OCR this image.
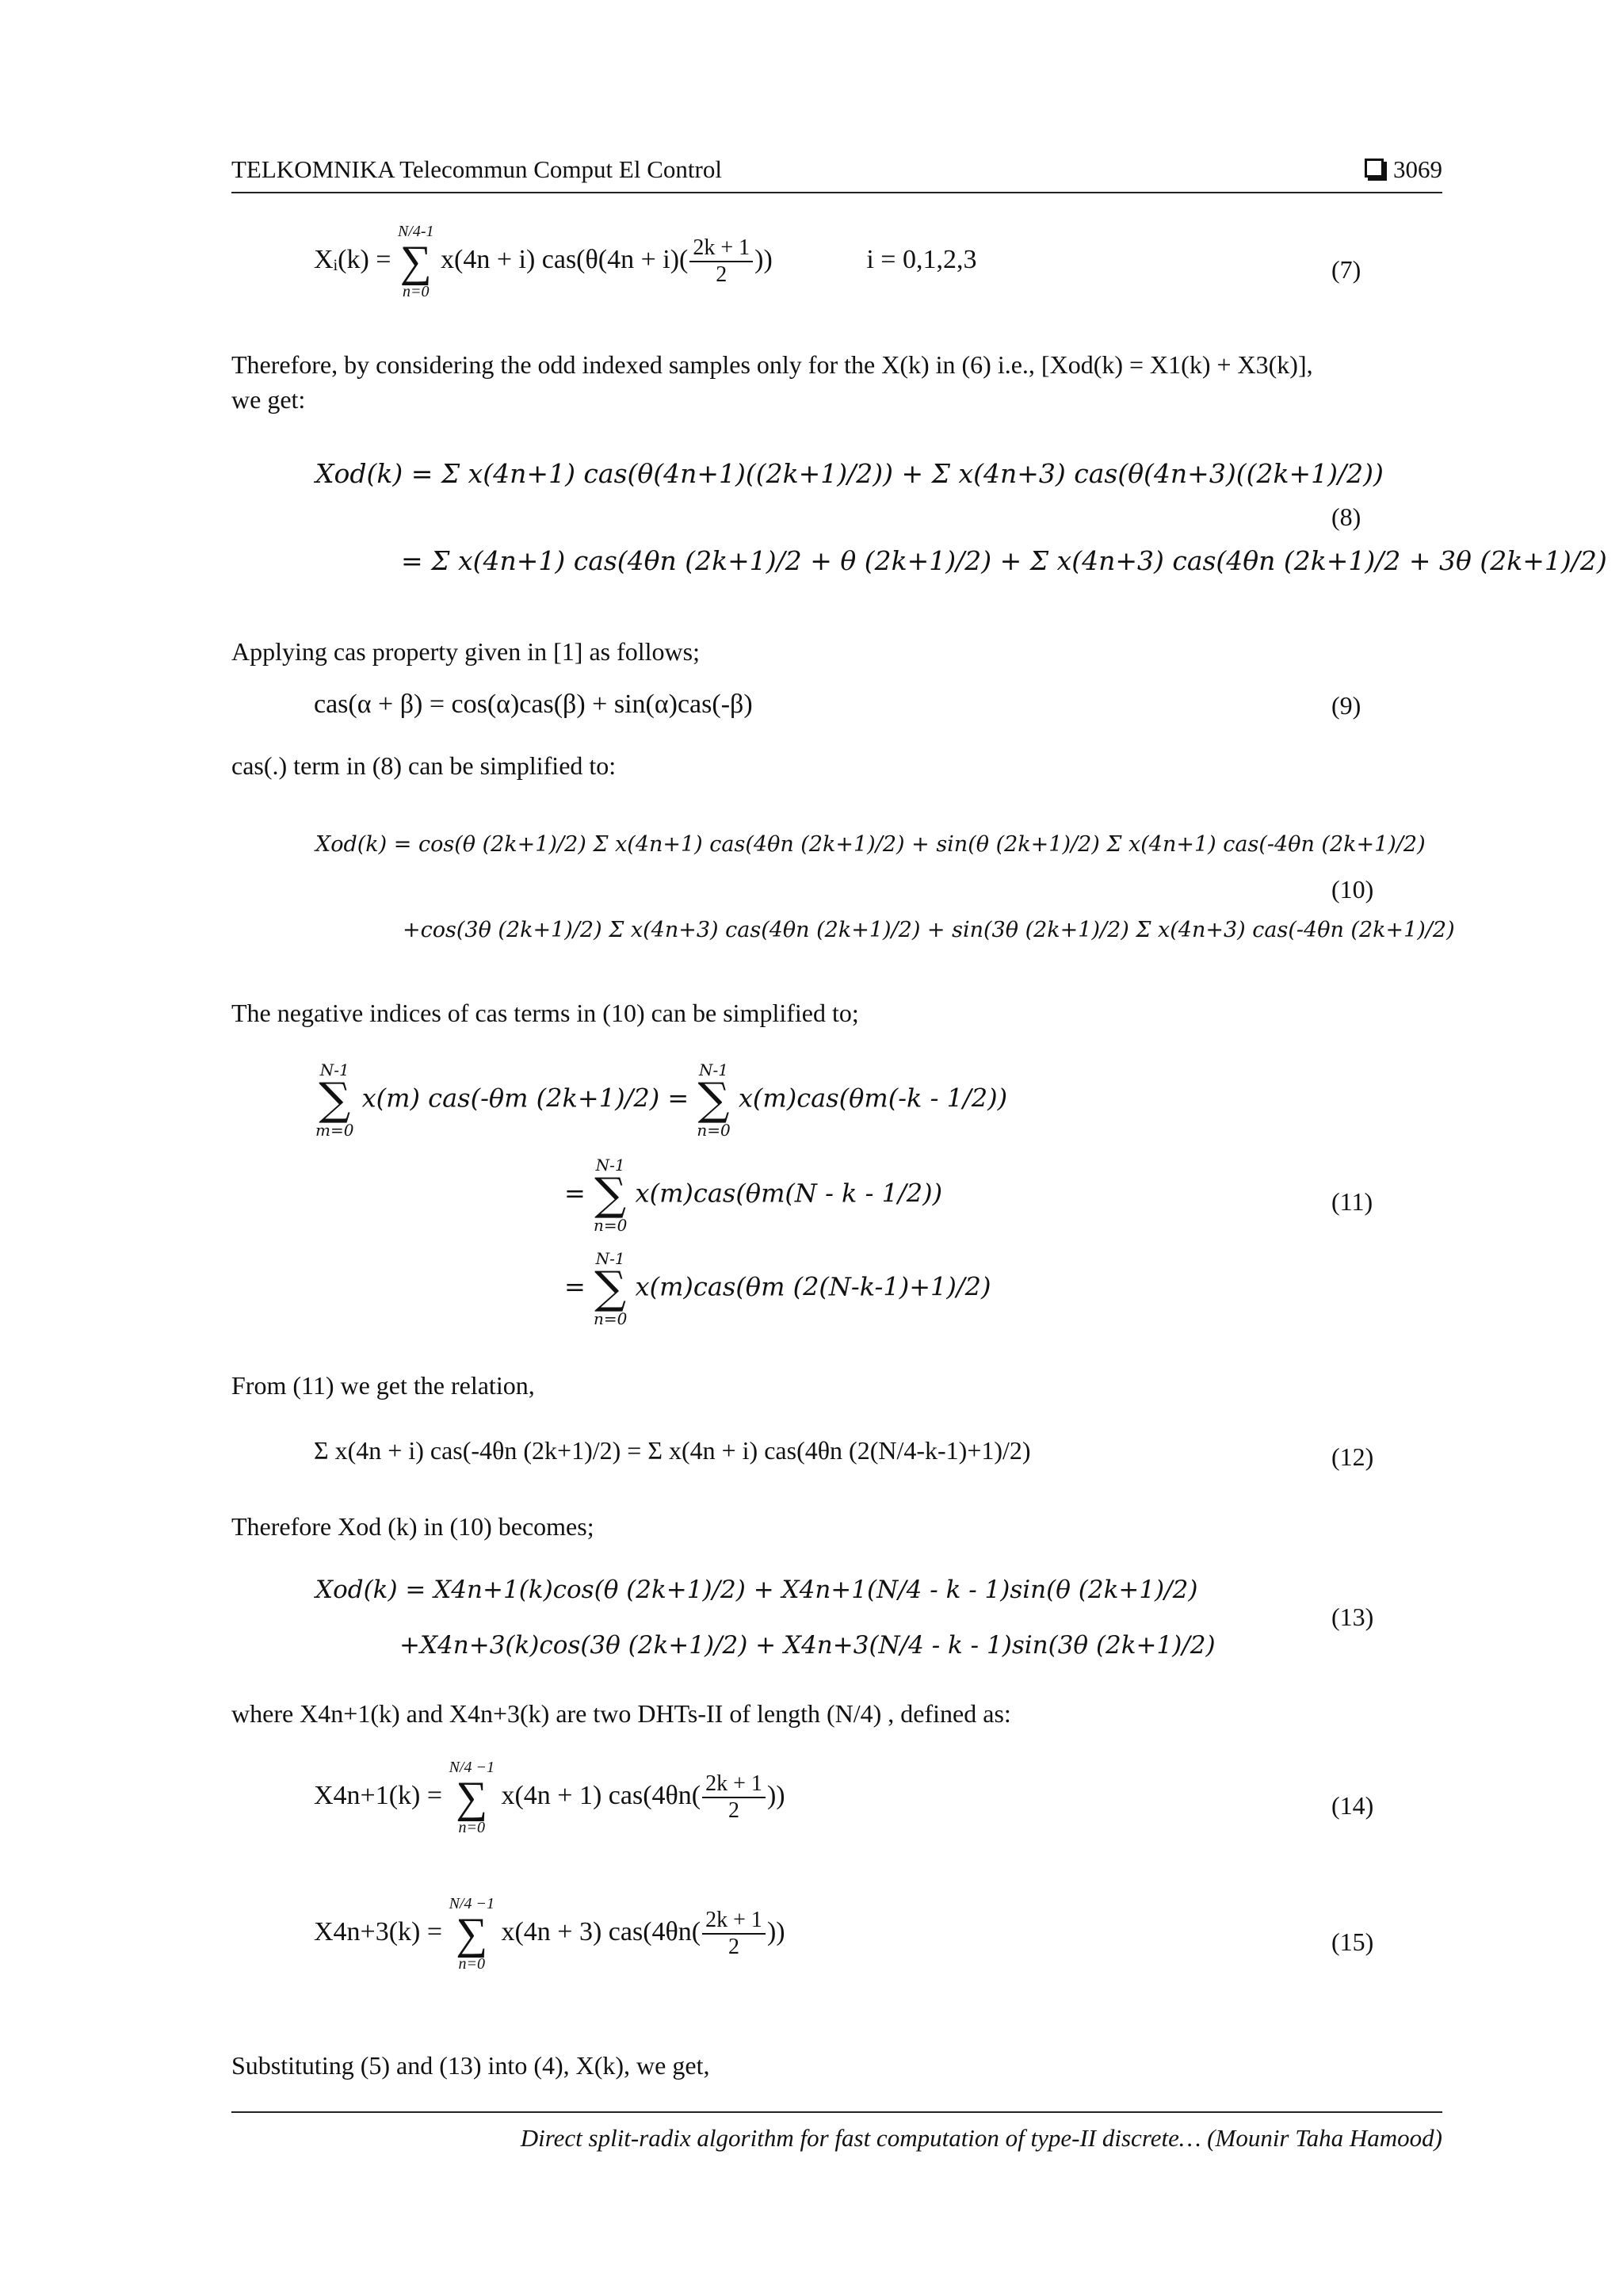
TELKOMNIKA Telecommun Comput El Control	3069
Xᵢ(k) =
N/4-1
∑
n=0
x(4n + i) $cas(\theta(4n + i)( \frac{2k + 1}{2}$ ))	i = 0,1,2,3	(7)
Therefore, by considering the odd indexed samples only for the X(k) in (6) i.e., [Xod(k) = X1(k) + X3(k)],
we get:
Xod(k) = Σ x(4n+1) cas(θ(4n+1)((2k+1)/2)) + Σ x(4n+3) cas(θ(4n+3)((2k+1)/2))
= Σ x(4n+1) cas(4θn (2k+1)/2 + θ (2k+1)/2) + Σ x(4n+3) cas(4θn (2k+1)/2 + 3θ (2k+1)/2)
(8)
Applying cas property given in [1] as follows;
cas(α + β) = cos(α)cas(β) + sin(α)cas(-β)	(9)
cas(.) term in (8) can be simplified to:
Xod(k) = cos(θ (2k+1)/2) Σ x(4n+1) cas(4θn (2k+1)/2) + sin(θ (2k+1)/2) Σ x(4n+1) cas(-4θn (2k+1)/2)
+cos(3θ (2k+1)/2) Σ x(4n+3) cas(4θn (2k+1)/2) + sin(3θ (2k+1)/2) Σ x(4n+3) cas(-4θn (2k+1)/2)
(10)
The negative indices of cas terms in (10) can be simplified to;
N-1
∑
m=0
x(m) cas(-θm (2k+1)/2) =
N-1
∑
n=0
x(m)cas(θm(-k - 1/2))
=
N-1
∑
n=0
x(m)cas(θm(N - k - 1/2))
=
N-1
∑
n=0
x(m)cas(θm (2(N-k-1)+1)/2)
(11)
From (11) we get the relation,
Σ x(4n + i) cas(-4θn (2k+1)/2) = Σ x(4n + i) cas(4θn (2(N/4-k-1)+1)/2)	(12)
Therefore Xod (k) in (10) becomes;
Xod(k) = X4n+1(k)cos(θ (2k+1)/2) + X4n+1(N/4 - k - 1)sin(θ (2k+1)/2)
+X4n+3(k)cos(3θ (2k+1)/2) + X4n+3(N/4 - k - 1)sin(3θ (2k+1)/2)
(13)
where X4n+1(k) and X4n+3(k) are two DHTs-II of length (N/4) , defined as:
X4n+1(k) =
N/4 −1
∑
n=0
x(4n + 1) $cas(4\theta n( \frac{2k + 1}{2}$ ))	(14)
X4n+3(k) =
N/4 −1
∑
n=0
x(4n + 3) $cas(4\theta n( \frac{2k + 1}{2}$ ))	(15)
Substituting (5) and (13) into (4), X(k), we get,
Direct split-radix algorithm for fast computation of type-II discrete… (Mounir Taha Hamood)
